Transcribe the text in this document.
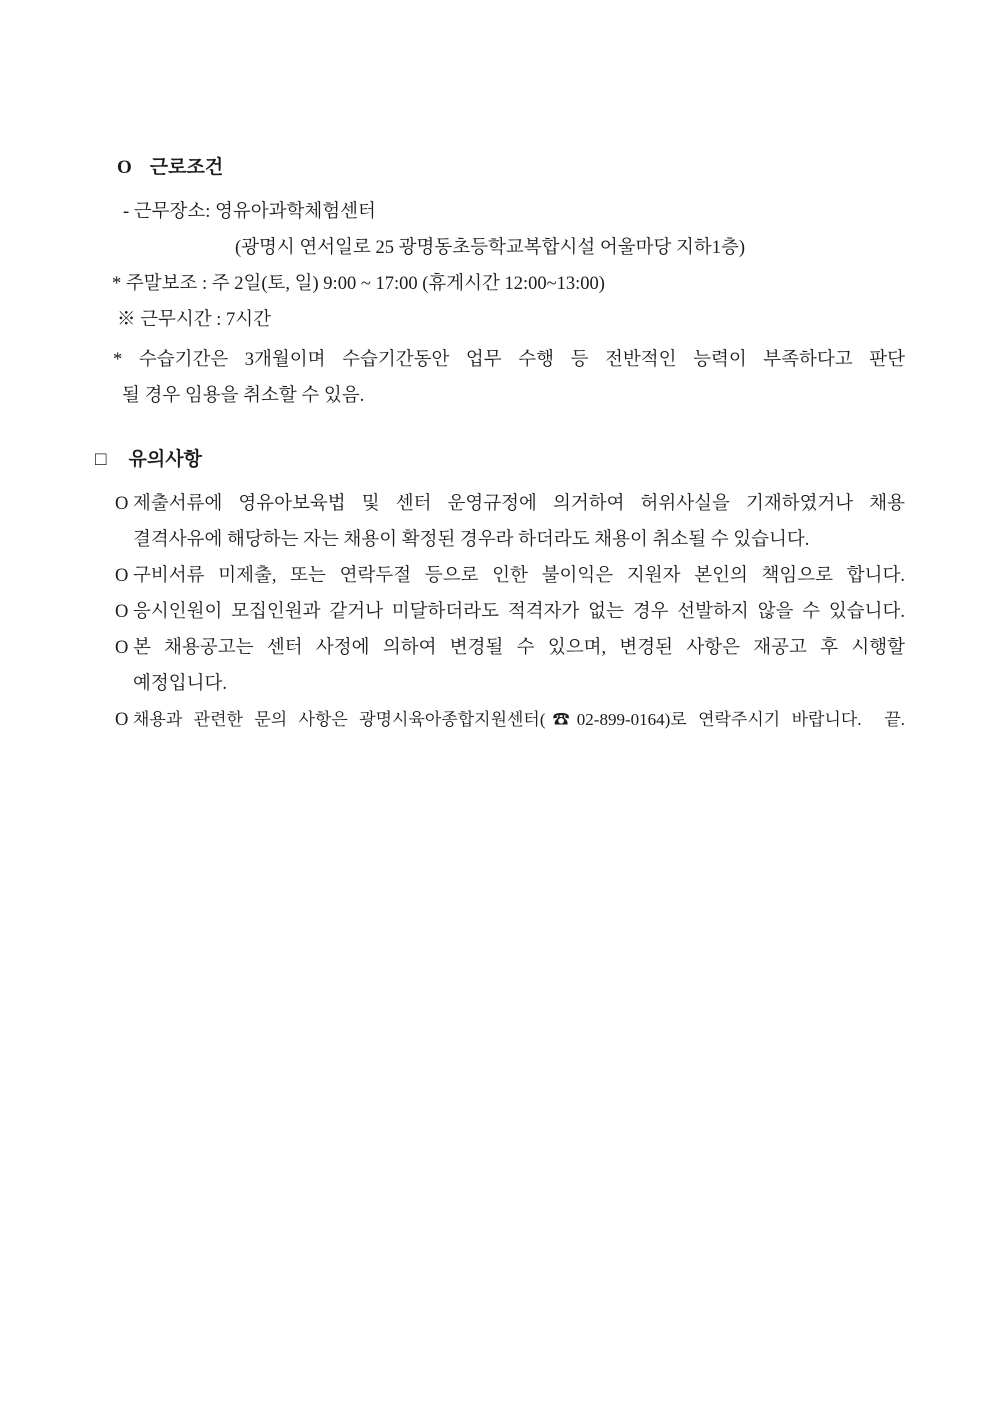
O 근로조건

- 근무장소: 영유아과학체험센터

(광명시 연서일로 25 광명동초등학교복합시설 어울마당 지하1층)

* 주말보조 : 주 2일(토, 일) 9:00 ~ 17:00 (휴게시간 12:00~13:00)

※ 근무시간 : 7시간

* 수습기간은 3개월이며 수습기간동안 업무 수행 등 전반적인 능력이 부족하다고 판단

될 경우 임용을 취소할 수 있음.

□ 유의사항
O 제출서류에 영유아보육법 및 센터 운영규정에 의거하여 허위사실을 기재하였거나 채용

결격사유에 해당하는 자는 채용이 확정된 경우라 하더라도 채용이 취소될 수 있습니다.

O 구비서류 미제출, 또는 연락두절 등으로 인한 불이익은 지원자 본인의 책임으로 합니다.

O 응시인원이 모집인원과 같거나 미달하더라도 적격자가 없는 경우 선발하지 않을 수 있습니다.

O 본 채용공고는 센터 사정에 의하여 변경될 수 있으며, 변경된 사항은 재공고 후 시행할

예정입니다.

O 채용과 관련한 문의 사항은 광명시육아종합지원센터(☎02-899-0164)로 연락주시기 바랍니다.  끝.
